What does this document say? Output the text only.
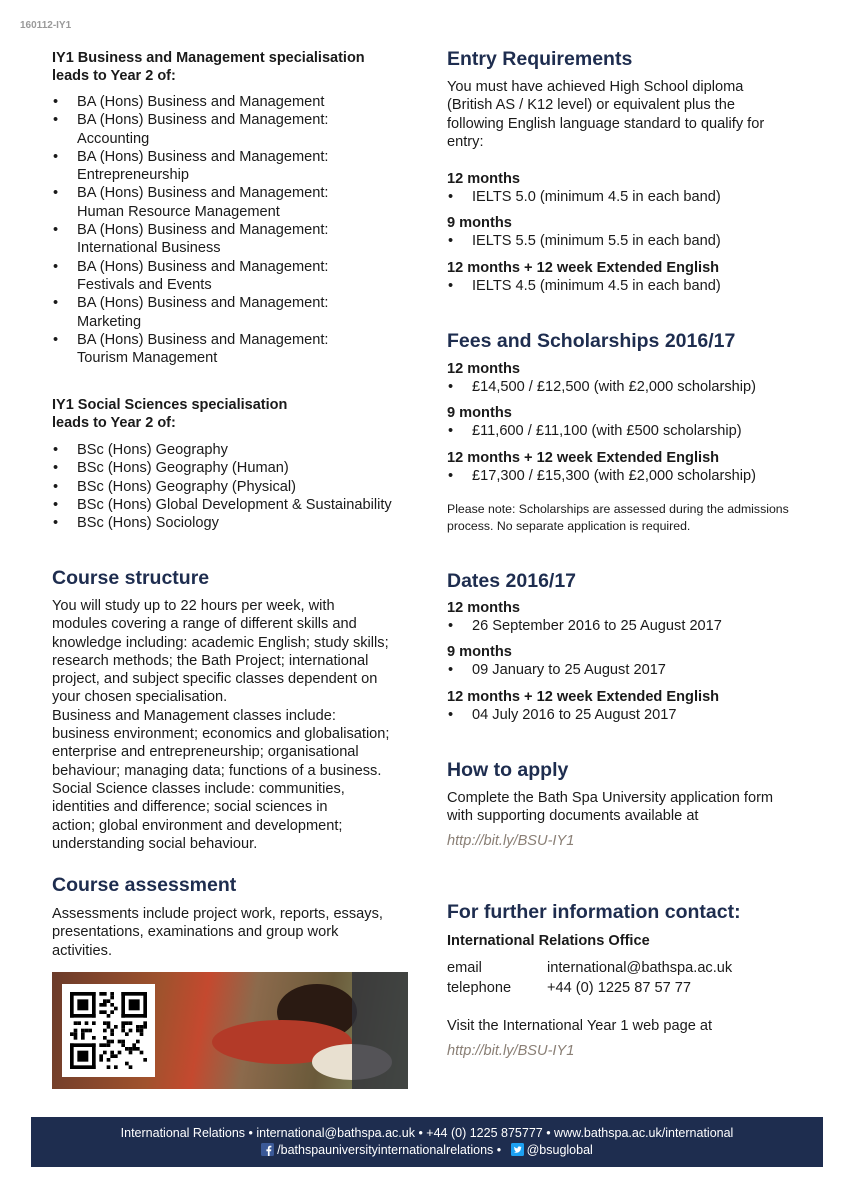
160112-IY1
IY1 Business and Management specialisation
leads to Year 2 of:
• BA (Hons) Business and Management
• BA (Hons) Business and Management:
Accounting
• BA (Hons) Business and Management:
Entrepreneurship
• BA (Hons) Business and Management:
Human Resource Management
• BA (Hons) Business and Management:
International Business
• BA (Hons) Business and Management:
Festivals and Events
• BA (Hons) Business and Management:
Marketing
• BA (Hons) Business and Management:
Tourism Management
IY1 Social Sciences specialisation
leads to Year 2 of:
• BSc (Hons) Geography
• BSc (Hons) Geography (Human)
• BSc (Hons) Geography (Physical)
• BSc (Hons) Global Development & Sustainability
• BSc (Hons) Sociology
Course structure
You will study up to 22 hours per week, with
modules covering a range of different skills and
knowledge including: academic English; study skills;
research methods; the Bath Project; international
project, and subject specific classes dependent on
your chosen specialisation.
Business and Management classes include:
business environment; economics and globalisation;
enterprise and entrepreneurship; organisational
behaviour; managing data; functions of a business.
Social Science classes include: communities,
identities and difference; social sciences in
action; global environment and development;
understanding social behaviour.
Course assessment
Assessments include project work, reports, essays,
presentations, examinations and group work
activities.
Entry Requirements
You must have achieved High School diploma
(British AS / K12 level) or equivalent plus the
following English language standard to qualify for
entry:
12 months
• IELTS 5.0 (minimum 4.5 in each band)
9 months
• IELTS 5.5 (minimum 5.5 in each band)
12 months + 12 week Extended English
• IELTS 4.5 (minimum 4.5 in each band)
Fees and Scholarships 2016/17
12 months
• £14,500 / £12,500 (with £2,000 scholarship)
9 months
• £11,600 / £11,100 (with £500 scholarship)
12 months + 12 week Extended English
• £17,300 / £15,300 (with £2,000 scholarship)
Please note: Scholarships are assessed during the admissions
process. No separate application is required.
Dates 2016/17
12 months
• 26 September 2016 to 25 August 2017
9 months
• 09 January to 25 August 2017
12 months + 12 week Extended English
• 04 July 2016 to 25 August 2017
How to apply
Complete the Bath Spa University application form
with supporting documents available at
http://bit.ly/BSU-IY1
For further information contact:
International Relations Office
email	international@bathspa.ac.uk
telephone +44 (0) 1225 87 57 77
Visit the International Year 1 web page at
http://bit.ly/BSU-IY1
International Relations • international@bathspa.ac.uk • +44 (0) 1225 875777 • www.bathspa.ac.uk/international
/bathspauniversityinternationalrelations • @bsuglobal
